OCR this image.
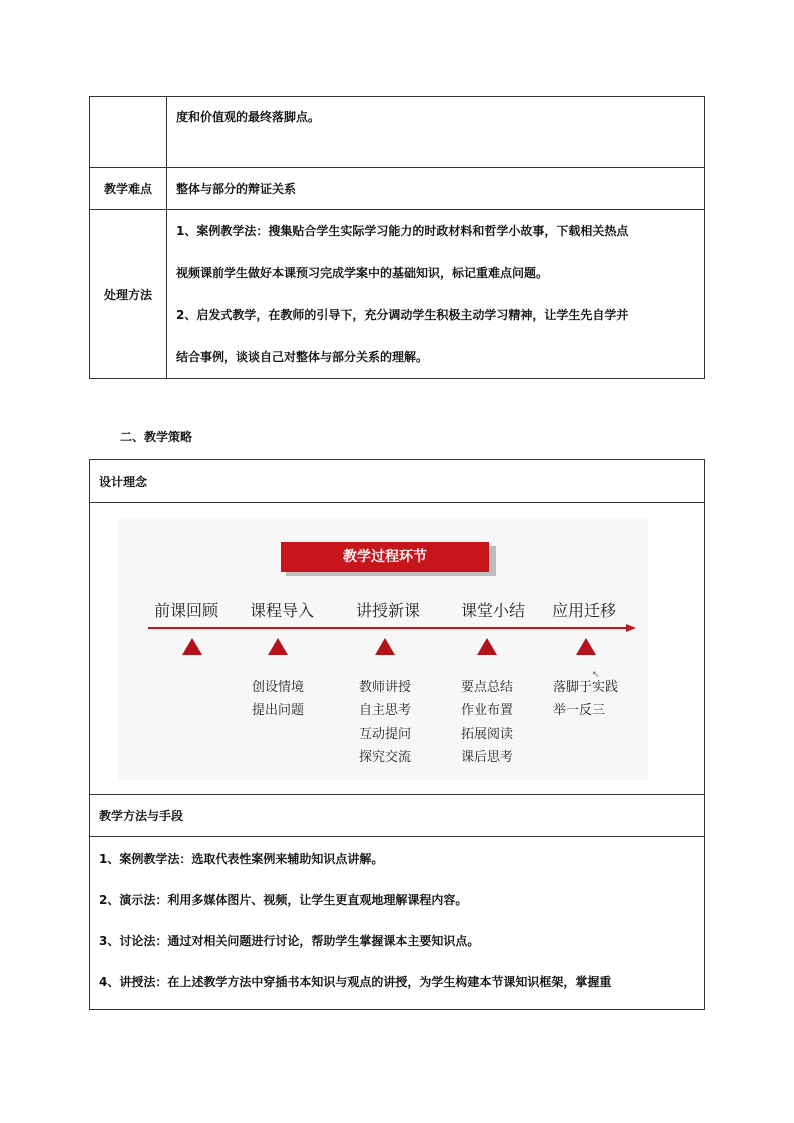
	度和价值观的最终落脚点。

教学难点	整体与部分的辩证关系
处理方法	1、案例教学法：搜集贴合学生实际学习能力的时政材料和哲学小故事，下载相关热点
视频课前学生做好本课预习完成学案中的基础知识，标记重难点问题。
2、启发式教学，在教师的引导下，充分调动学生积极主动学习精神，让学生先自学并
结合事例，谈谈自己对整体与部分关系的理解。
二、教学策略
设计理念

教学过程环节
前课回顾 课程导入	讲授新课	课堂小结 应用迁移
创设情境
提出问题
教师讲授
自主思考
互动提问
探究交流
要点总结
作业布置
拓展阅读
课后思考
落脚于实践
举一反三
↖

教学方法与手段

1、案例教学法：选取代表性案例来辅助知识点讲解。
2、演示法：利用多媒体图片、视频，让学生更直观地理解课程内容。
3、讨论法：通过对相关问题进行讨论，帮助学生掌握课本主要知识点。
4、讲授法：在上述教学方法中穿插书本知识与观点的讲授，为学生构建本节课知识框架，掌握重
